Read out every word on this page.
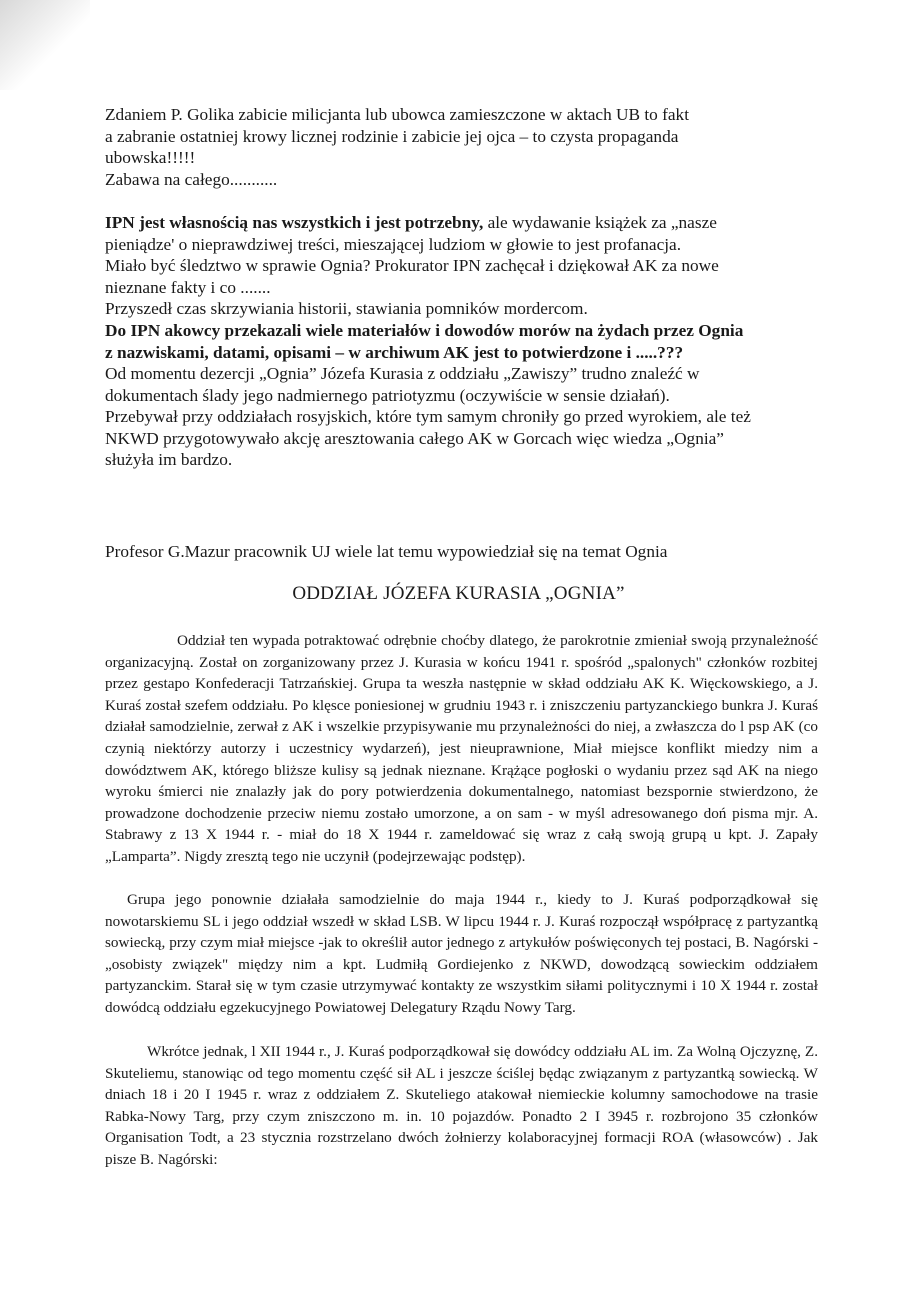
Zdaniem P. Golika zabicie milicjanta lub ubowca zamieszczone w aktach UB to fakt
a zabranie ostatniej krowy licznej rodzinie i zabicie jej ojca – to czysta propaganda
ubowska!!!!!
Zabawa na całego...........

IPN jest własnością nas wszystkich i jest potrzebny, ale wydawanie książek za „nasze
pieniądze' o nieprawdziwej treści, mieszającej ludziom w głowie to jest profanacja.
Miało być śledztwo w sprawie Ognia? Prokurator IPN zachęcał i dziękował AK za nowe
nieznane fakty i co .......
Przyszedł czas skrzywiania historii, stawiania pomników mordercom.

Do IPN akowcy przekazali wiele materiałów i dowodów morów na żydach przez Ognia
z nazwiskami, datami, opisami – w archiwum AK jest to potwierdzone i .....???

Od momentu dezercji „Ognia” Józefa Kurasia z oddziału „Zawiszy” trudno znaleźć w
dokumentach ślady jego nadmiernego patriotyzmu (oczywiście w sensie działań).
Przebywał przy oddziałach rosyjskich, które tym samym chroniły go przed wyrokiem, ale też
NKWD przygotowywało akcję aresztowania całego AK w Gorcach więc wiedza „Ognia”
służyła im bardzo.

Profesor G.Mazur pracownik UJ wiele lat temu wypowiedział się na temat Ognia

ODDZIAŁ JÓZEFA KURASIA „OGNIA”

Oddział ten wypada potraktować odrębnie choćby dlatego, że parokrotnie zmieniał swoją przynależność organizacyjną. Został on zorganizowany przez J. Kurasia w końcu 1941 r. spośród „spalonych" członków rozbitej przez gestapo Konfederacji Tatrzańskiej. Grupa ta weszła następnie w skład oddziału AK K. Więckowskiego, a J. Kuraś został szefem oddziału. Po klęsce poniesionej w grudniu 1943 r. i zniszczeniu partyzanckiego bunkra J. Kuraś działał samodzielnie, zerwał z AK i wszelkie przypisywanie mu przynależności do niej, a zwłaszcza do l psp AK (co czynią niektórzy autorzy i uczestnicy wydarzeń), jest nieuprawnione, Miał miejsce konflikt miedzy nim a dowództwem AK, którego bliższe kulisy są jednak nieznane. Krążące pogłoski o wydaniu przez sąd AK na niego wyroku śmierci nie znalazły jak do pory potwierdzenia dokumentalnego, natomiast bezspornie stwierdzono, że prowadzone dochodzenie przeciw niemu zostało umorzone, a on sam - w myśl adresowanego doń pisma mjr. A. Stabrawy z 13 X 1944 r. - miał do 18 X 1944 r. zameldować się wraz z całą swoją grupą u kpt. J. Zapały „Lamparta”. Nigdy zresztą tego nie uczynił (podejrzewając podstęp).

Grupa jego ponownie działała samodzielnie do maja 1944 r., kiedy to J. Kuraś podporządkował się nowotarskiemu SL i jego oddział wszedł w skład LSB. W lipcu 1944 r. J. Kuraś rozpoczął współpracę z partyzantką sowiecką, przy czym miał miejsce -jak to określił autor jednego z artykułów poświęconych tej postaci, B. Nagórski - „osobisty związek" między nim a kpt. Ludmiłą Gordiejenko z NKWD, dowodzącą sowieckim oddziałem partyzanckim. Starał się w tym czasie utrzymywać kontakty ze wszystkim siłami politycznymi i 10 X 1944 r. został dowódcą oddziału egzekucyjnego Powiatowej Delegatury Rządu Nowy Targ.

Wkrótce jednak, l XII 1944 r., J. Kuraś podporządkował się dowódcy oddziału AL im. Za Wolną Ojczyznę, Z. Skuteliemu, stanowiąc od tego momentu część sił AL i jeszcze ściślej będąc związanym z partyzantką sowiecką. W dniach 18 i 20 I 1945 r. wraz z oddziałem Z. Skuteliego atakował niemieckie kolumny samochodowe na trasie Rabka-Nowy Targ, przy czym zniszczono m. in. 10 pojazdów. Ponadto 2 I 3945 r. rozbrojono 35 członków Organisation Todt, a 23 stycznia rozstrzelano dwóch żołnierzy kolaboracyjnej formacji ROA (własowców) . Jak pisze B. Nagórski:
